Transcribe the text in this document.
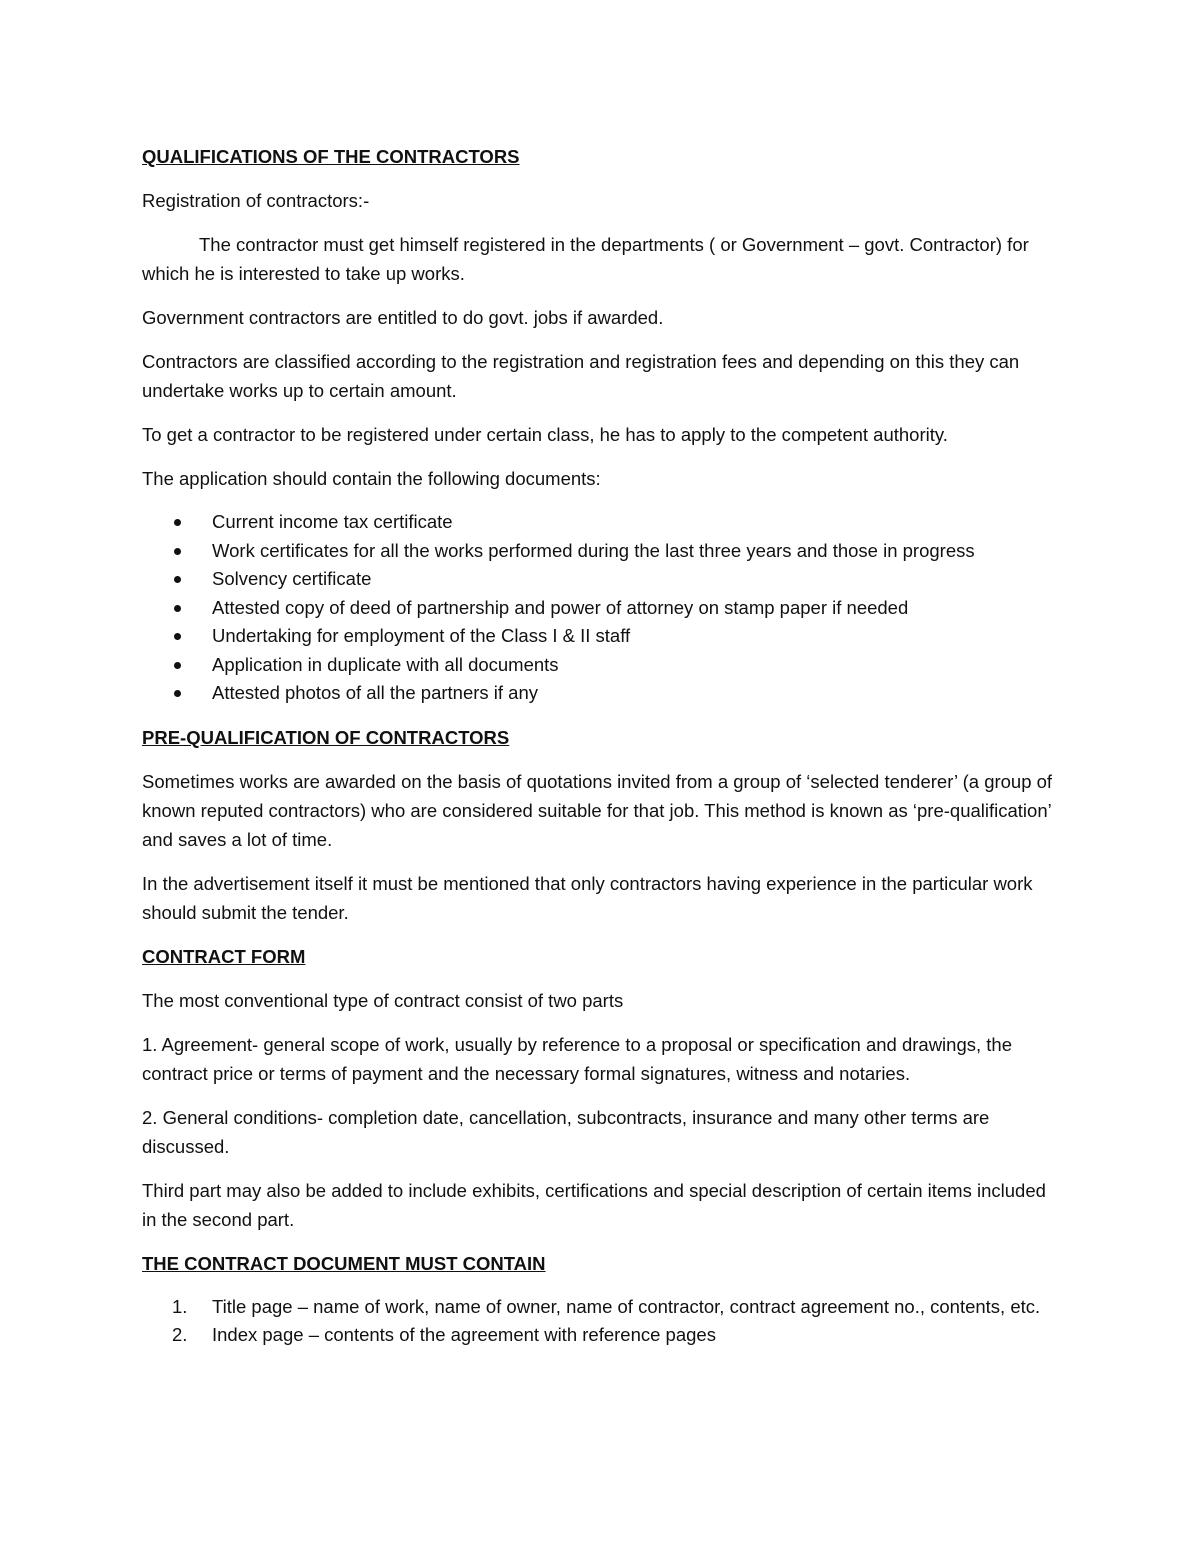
QUALIFICATIONS OF THE CONTRACTORS

Registration of contractors:-

The contractor must get himself registered in the departments ( or Government – govt. Contractor) for which he is interested to take up works.

Government contractors are entitled to do govt. jobs if awarded.

Contractors are classified according to the registration and registration fees and depending on this they can undertake works up to certain amount.

To get a contractor to be registered under certain class, he has to apply to the competent authority.

The application should contain the following documents:

Current income tax certificate
Work certificates for all the works performed during the last three years and those in progress
Solvency certificate
Attested copy of deed of partnership and power of attorney on stamp paper if needed
Undertaking for employment of the Class I & II staff
Application in duplicate with all documents
Attested photos of all the partners if any
PRE-QUALIFICATION OF CONTRACTORS

Sometimes works are awarded on the basis of quotations invited from a group of ‘selected tenderer’ (a group of known reputed contractors) who are considered suitable for that job. This method is known as ‘pre-qualification’ and saves a lot of time.

In the advertisement itself it must be mentioned that only contractors having experience in the particular work should submit the tender.

CONTRACT FORM

The most conventional type of contract consist of two parts

1. Agreement- general scope of work, usually by reference to a proposal or specification and drawings, the contract price or terms of payment and the necessary formal signatures, witness and notaries.

2. General conditions- completion date, cancellation, subcontracts, insurance and many other terms are discussed.

Third part may also be added to include exhibits, certifications and special description of certain items included in the second part.

THE CONTRACT DOCUMENT MUST CONTAIN
1. Title page – name of work, name of owner, name of contractor, contract agreement no., contents, etc.
2. Index page – contents of the agreement with reference pages
